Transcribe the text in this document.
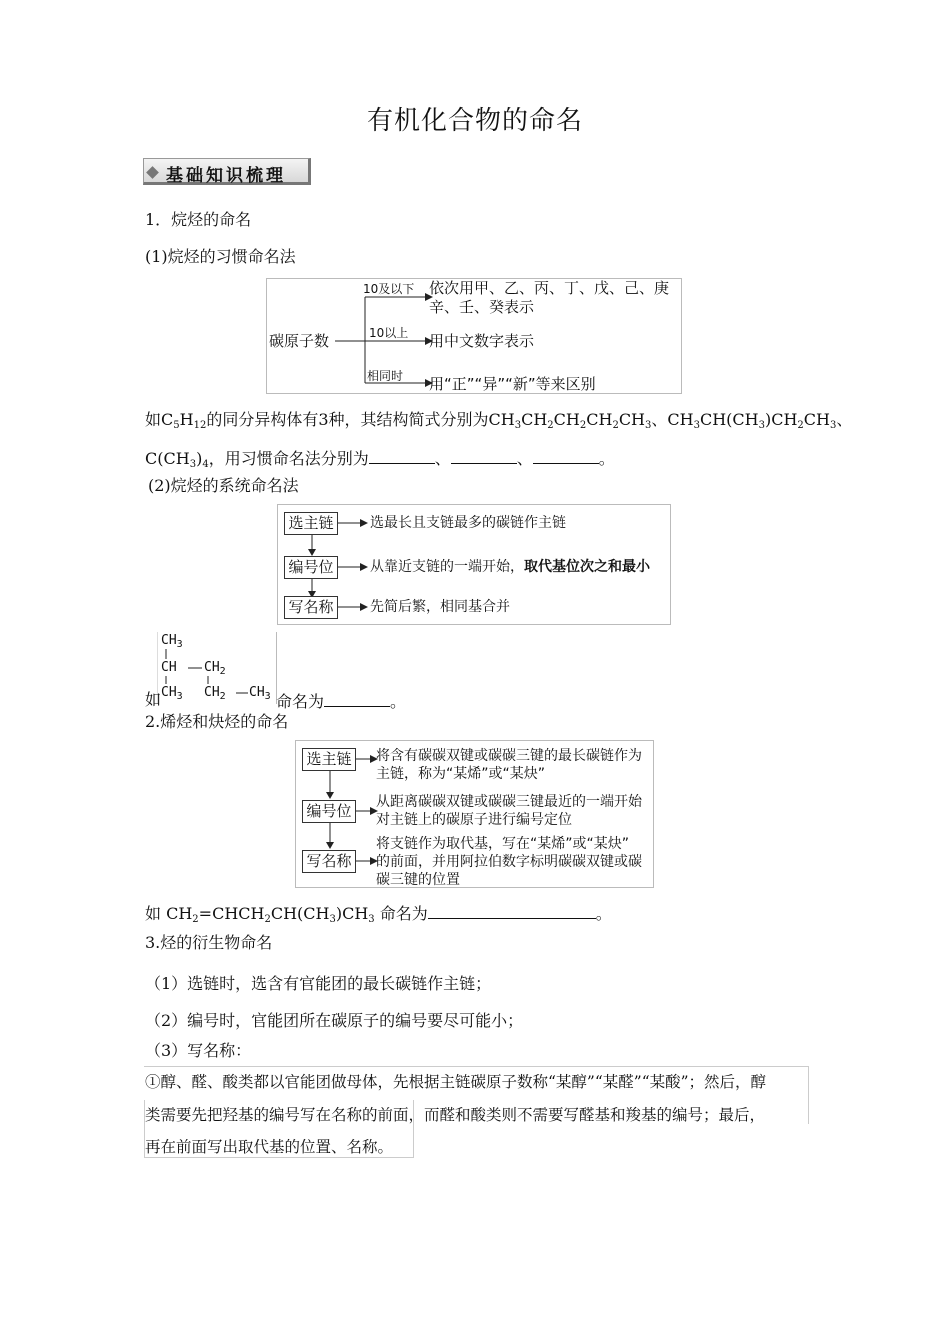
有机化合物的命名
基础知识梳理
1．烷烃的命名
(1)烷烃的习惯命名法
碳原子数
10及以下 依次用甲、乙、丙、丁、戊、己、庚
辛、壬、癸表示
10以上 用中文数字表示
相同时 用“正”“异”“新”等来区别
如$C_5H_{12}$的同分异构体有3种，其结构简式分别为$CH_3CH_2CH_2CH_2CH_3$、$CH_3CH(CH_3)CH_2CH_3$、
$C(CH_3)_4$，用习惯命名法分别为	、	、	。
(2)烷烃的系统命名法
选主链
编号位
写名称
选最长且支链最多的碳链作主链
从靠近支链的一端开始，取代基位次之和最小
先简后繁，相同基合并
$CH_3$
CH $CH_2$
$CH_3$ $CH_2$ $CH_3$
如	命名为	。
2.烯烃和炔烃的命名
选主链
编号位
写名称
将含有碳碳双键或碳碳三键的最长碳链作为
主链，称为“某烯”或“某炔”
从距离碳碳双键或碳碳三键最近的一端开始
对主链上的碳原子进行编号定位
将支链作为取代基，写在“某烯”或“某炔”
的前面，并用阿拉伯数字标明碳碳双键或碳
碳三键的位置
如 $CH_2=CHCH_2CH(CH_3)CH_3$ 命名为	。
3.烃的衍生物命名
（1）选链时，选含有官能团的最长碳链作主链；
（2）编号时，官能团所在碳原子的编号要尽可能小；
（3）写名称：
①醇、醛、酸类都以官能团做母体，先根据主链碳原子数称“某醇”“某醛”“某酸”；然后，醇
类需要先把羟基的编号写在名称的前面，而醛和酸类则不需要写醛基和羧基的编号；最后，
再在前面写出取代基的位置、名称。
